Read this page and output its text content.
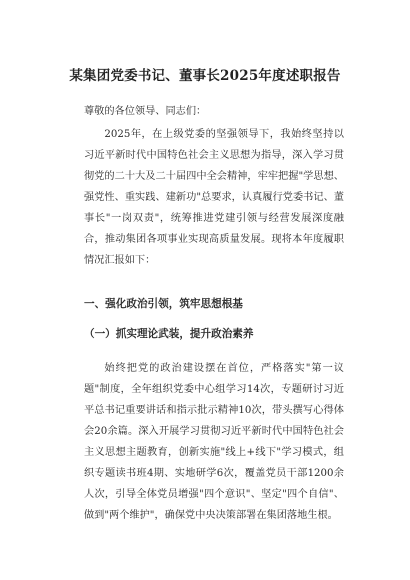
某集团党委书记、董事长2025年度述职报告
尊敬的各位领导、同志们：
2025年，在上级党委的坚强领导下，我始终坚持以习近平新时代中国特色社会主义思想为指导，深入学习贯彻党的二十大及二十届四中全会精神，牢牢把握"学思想、强党性、重实践、建新功"总要求，认真履行党委书记、董事长"一岗双责"，统筹推进党建引领与经营发展深度融合，推动集团各项事业实现高质量发展。现将本年度履职情况汇报如下：
一、强化政治引领，筑牢思想根基
（一）抓实理论武装，提升政治素养
始终把党的政治建设摆在首位，严格落实"第一议题"制度，全年组织党委中心组学习14次，专题研讨习近平总书记重要讲话和指示批示精神10次，带头撰写心得体会20余篇。深入开展学习贯彻习近平新时代中国特色社会主义思想主题教育，创新实施"线上+线下"学习模式，组织专题读书班4期、实地研学6次，覆盖党员干部1200余人次，引导全体党员增强"四个意识"、坚定"四个自信"、做到"两个维护"，确保党中央决策部署在集团落地生根。
